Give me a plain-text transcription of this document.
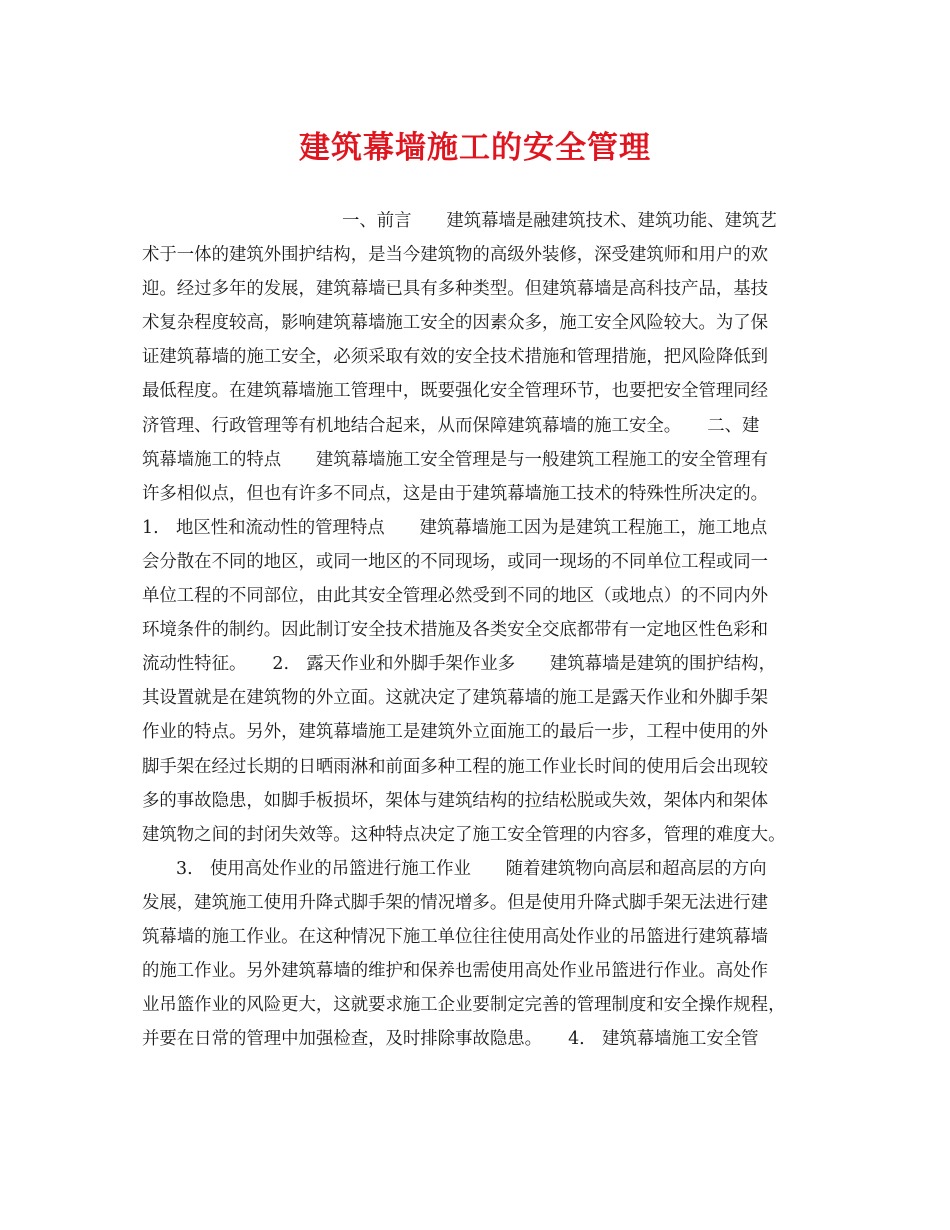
建筑幕墙施工的安全管理
一、前言　　建筑幕墙是融建筑技术、建筑功能、建筑艺
术于一体的建筑外围护结构，是当今建筑物的高级外装修，深受建筑师和用户的欢
迎。经过多年的发展，建筑幕墙已具有多种类型。但建筑幕墙是高科技产品，基技
术复杂程度较高，影响建筑幕墙施工安全的因素众多，施工安全风险较大。为了保
证建筑幕墙的施工安全，必须采取有效的安全技术措施和管理措施，把风险降低到
最低程度。在建筑幕墙施工管理中，既要强化安全管理环节，也要把安全管理同经
济管理、行政管理等有机地结合起来，从而保障建筑幕墙的施工安全。　　二、建
筑幕墙施工的特点　　建筑幕墙施工安全管理是与一般建筑工程施工的安全管理有
许多相似点，但也有许多不同点，这是由于建筑幕墙施工技术的特殊性所决定的。
1.　地区性和流动性的管理特点　　建筑幕墙施工因为是建筑工程施工，施工地点
会分散在不同的地区，或同一地区的不同现场，或同一现场的不同单位工程或同一
单位工程的不同部位，由此其安全管理必然受到不同的地区（或地点）的不同内外
环境条件的制约。因此制订安全技术措施及各类安全交底都带有一定地区性色彩和
流动性特征。　　2.　露天作业和外脚手架作业多　　建筑幕墙是建筑的围护结构，
其设置就是在建筑物的外立面。这就决定了建筑幕墙的施工是露天作业和外脚手架
作业的特点。另外，建筑幕墙施工是建筑外立面施工的最后一步，工程中使用的外
脚手架在经过长期的日晒雨淋和前面多种工程的施工作业长时间的使用后会出现较
多的事故隐患，如脚手板损坏，架体与建筑结构的拉结松脱或失效，架体内和架体
建筑物之间的封闭失效等。这种特点决定了施工安全管理的内容多，管理的难度大。
3.　使用高处作业的吊篮进行施工作业　　随着建筑物向高层和超高层的方向
发展，建筑施工使用升降式脚手架的情况增多。但是使用升降式脚手架无法进行建
筑幕墙的施工作业。在这种情况下施工单位往往使用高处作业的吊篮进行建筑幕墙
的施工作业。另外建筑幕墙的维护和保养也需使用高处作业吊篮进行作业。高处作
业吊篮作业的风险更大，这就要求施工企业要制定完善的管理制度和安全操作规程，
并要在日常的管理中加强检查，及时排除事故隐患。　　4.　建筑幕墙施工安全管
